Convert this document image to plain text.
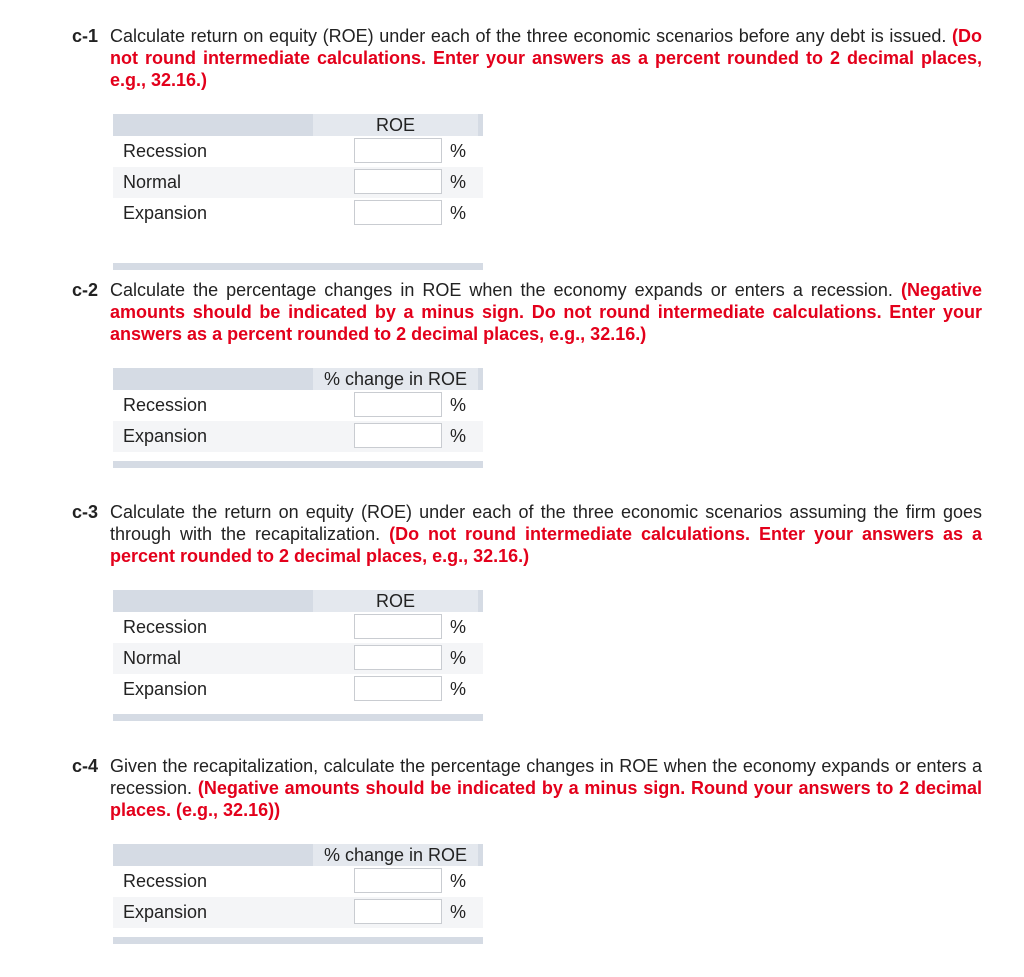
c-1 Calculate return on equity (ROE) under each of the three economic scenarios before any debt is issued. (Do not round intermediate calculations. Enter your answers as a percent rounded to 2 decimal places, e.g., 32.16.)
ROE
Recession	%
Normal	%
Expansion	%
c-2 Calculate the percentage changes in ROE when the economy expands or enters a recession. (Negative amounts should be indicated by a minus sign. Do not round intermediate calculations. Enter your answers as a percent rounded to 2 decimal places, e.g., 32.16.)
% change in ROE
Recession	%
Expansion	%
c-3 Calculate the return on equity (ROE) under each of the three economic scenarios assuming the firm goes through with the recapitalization. (Do not round intermediate calculations. Enter your answers as a percent rounded to 2 decimal places, e.g., 32.16.)
ROE
Recession	%
Normal	%
Expansion	%
c-4 Given the recapitalization, calculate the percentage changes in ROE when the economy expands or enters a recession. (Negative amounts should be indicated by a minus sign. Round your answers to 2 decimal places. (e.g., 32.16))
% change in ROE
Recession	%
Expansion	%
